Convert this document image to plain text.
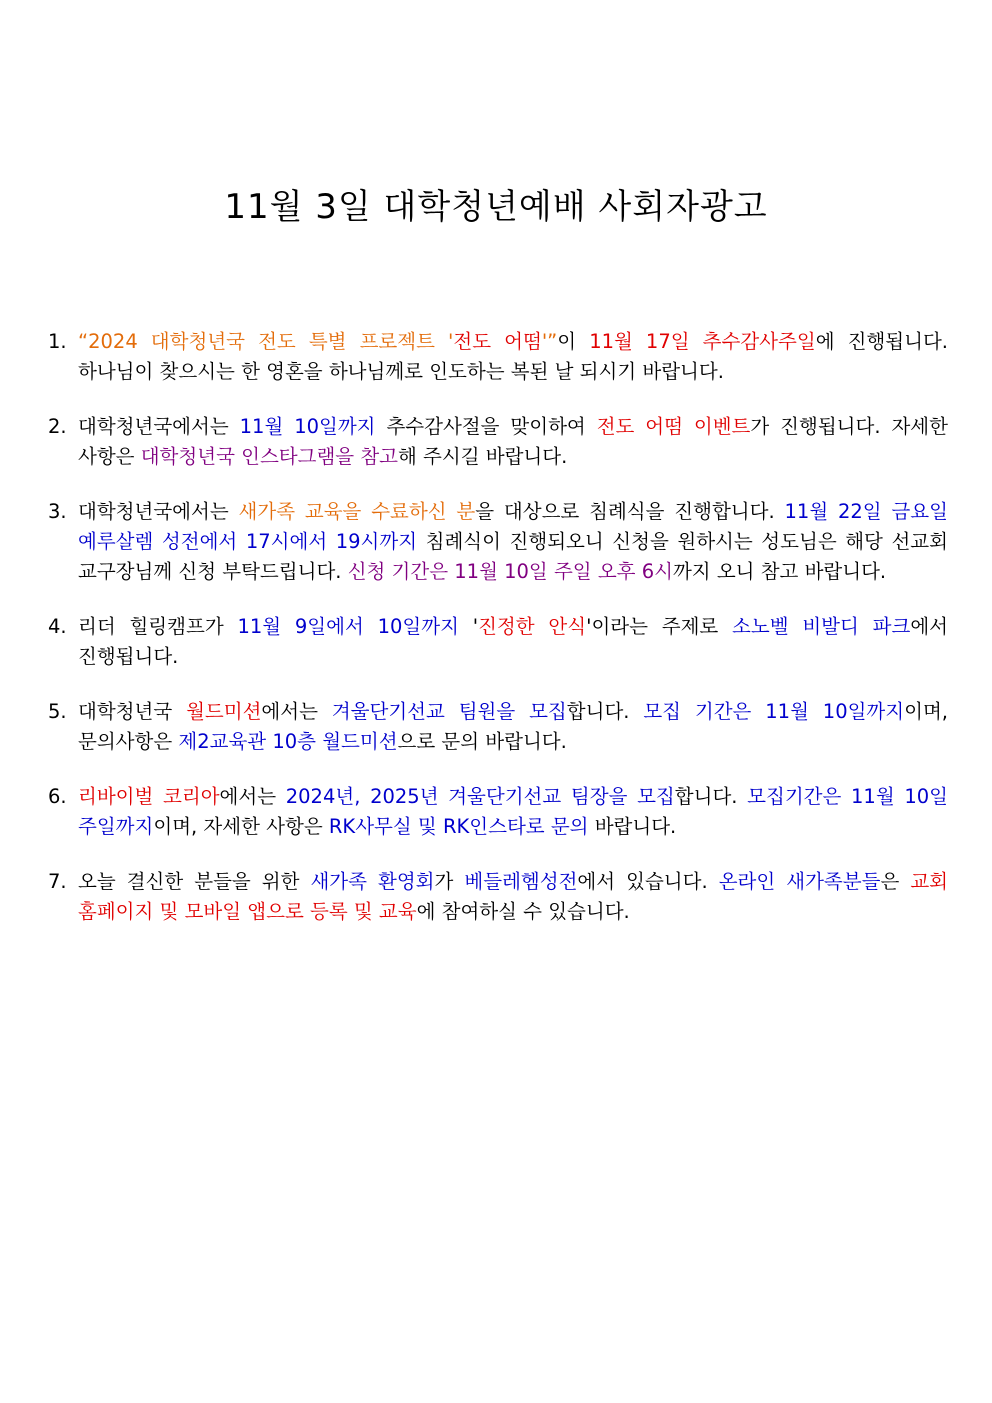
11월 3일 대학청년예배 사회자광고
1. “2024 대학청년국 전도 특별 프로젝트 '전도 어떰'”이 11월 17일 추수감사주일에 진행됩니다. 하나님이 찾으시는 한 영혼을 하나님께로 인도하는 복된 날 되시기 바랍니다.
2. 대학청년국에서는 11월 10일까지 추수감사절을 맞이하여 전도 어떰 이벤트가 진행됩니다. 자세한 사항은 대학청년국 인스타그램을 참고해 주시길 바랍니다.
3. 대학청년국에서는 새가족 교육을 수료하신 분을 대상으로 침례식을 진행합니다. 11월 22일 금요일 예루살렘 성전에서 17시에서 19시까지 침례식이 진행되오니 신청을 원하시는 성도님은 해당 선교회 교구장님께 신청 부탁드립니다. 신청 기간은 11월 10일 주일 오후 6시까지 오니 참고 바랍니다.
4. 리더 힐링캠프가 11월 9일에서 10일까지 '진정한 안식'이라는 주제로 소노벨 비발디 파크에서 진행됩니다.
5. 대학청년국 월드미션에서는 겨울단기선교 팀원을 모집합니다. 모집 기간은 11월 10일까지이며, 문의사항은 제2교육관 10층 월드미션으로 문의 바랍니다.
6. 리바이벌 코리아에서는 2024년, 2025년 겨울단기선교 팀장을 모집합니다. 모집기간은 11월 10일 주일까지이며, 자세한 사항은 RK사무실 및 RK인스타로 문의 바랍니다.
7. 오늘 결신한 분들을 위한 새가족 환영회가 베들레헴성전에서 있습니다. 온라인 새가족분들은 교회 홈페이지 및 모바일 앱으로 등록 및 교육에 참여하실 수 있습니다.
